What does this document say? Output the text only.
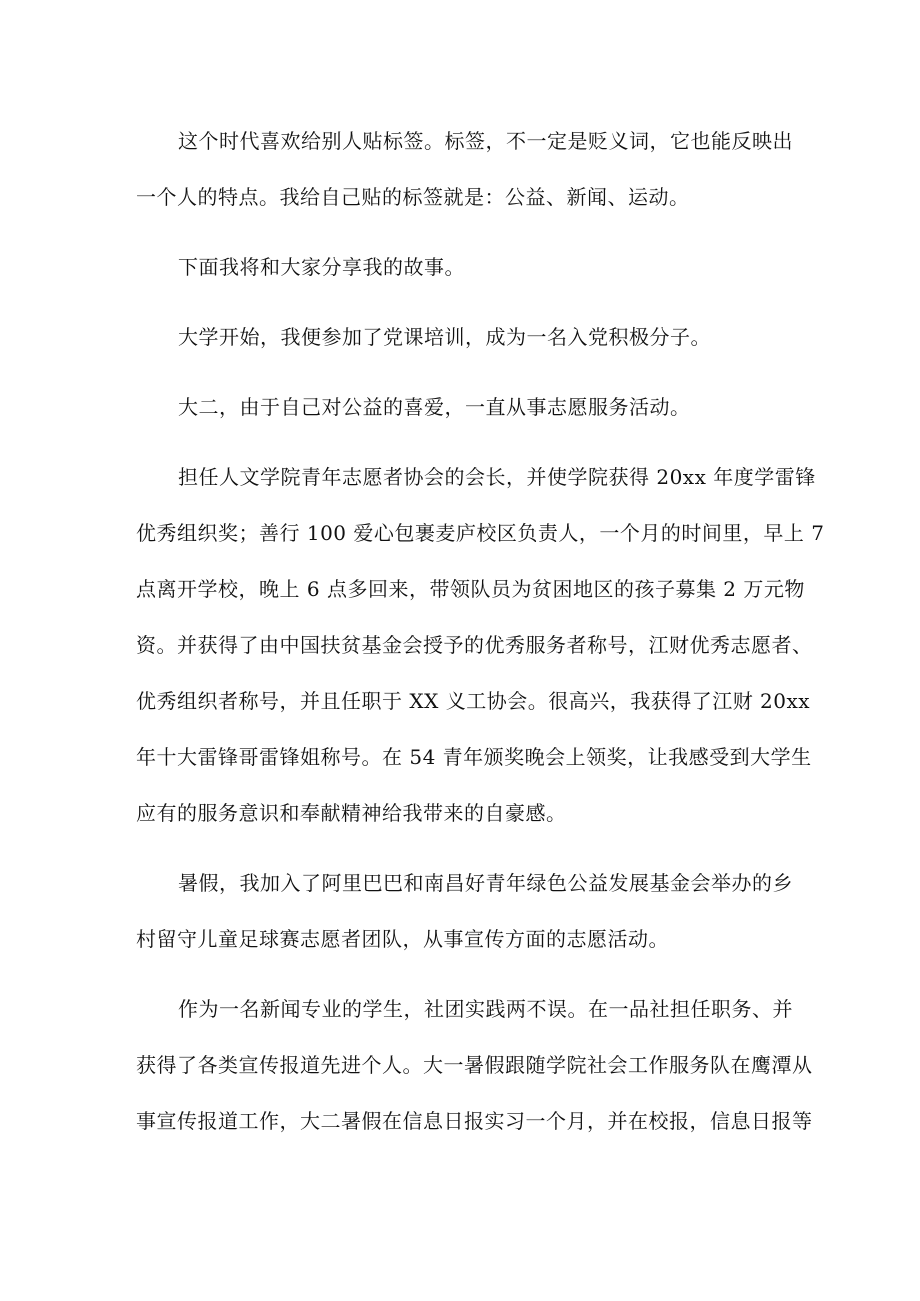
这个时代喜欢给别人贴标签。标签，不一定是贬义词，它也能反映出
一个人的特点。我给自己贴的标签就是：公益、新闻、运动。
下面我将和大家分享我的故事。
大学开始，我便参加了党课培训，成为一名入党积极分子。
大二，由于自己对公益的喜爱，一直从事志愿服务活动。
担任人文学院青年志愿者协会的会长，并使学院获得 20xx 年度学雷锋
优秀组织奖；善行 100 爱心包裹麦庐校区负责人，一个月的时间里，早上 7
点离开学校，晚上 6 点多回来，带领队员为贫困地区的孩子募集 2 万元物
资。并获得了由中国扶贫基金会授予的优秀服务者称号，江财优秀志愿者、
优秀组织者称号，并且任职于 XX 义工协会。很高兴，我获得了江财 20xx
年十大雷锋哥雷锋姐称号。在 54 青年颁奖晚会上领奖，让我感受到大学生
应有的服务意识和奉献精神给我带来的自豪感。
暑假，我加入了阿里巴巴和南昌好青年绿色公益发展基金会举办的乡
村留守儿童足球赛志愿者团队，从事宣传方面的志愿活动。
作为一名新闻专业的学生，社团实践两不误。在一品社担任职务、并
获得了各类宣传报道先进个人。大一暑假跟随学院社会工作服务队在鹰潭从
事宣传报道工作，大二暑假在信息日报实习一个月，并在校报，信息日报等
